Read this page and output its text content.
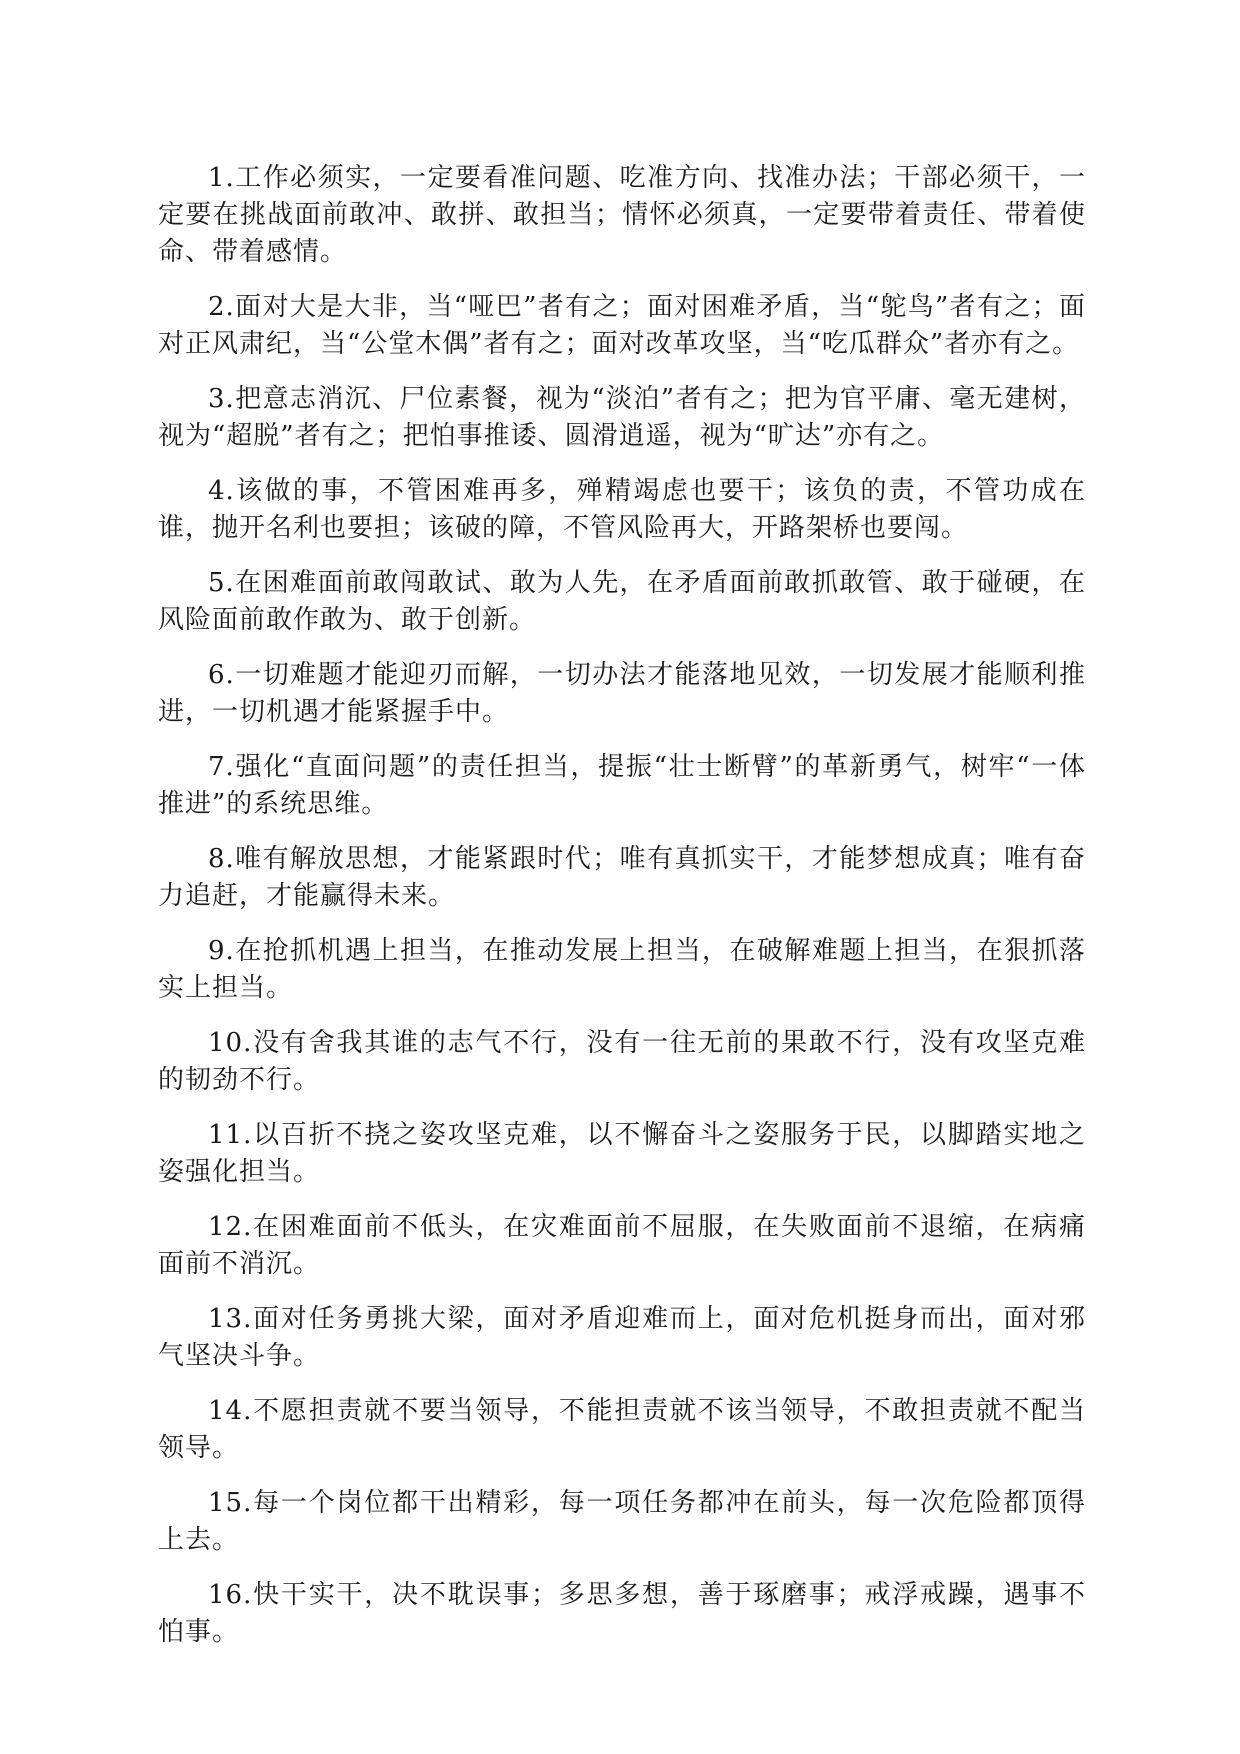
1.工作必须实，一定要看准问题、吃准方向、找准办法；干部必须干，一定要在挑战面前敢冲、敢拼、敢担当；情怀必须真，一定要带着责任、带着使命、带着感情。

2.面对大是大非，当“哑巴”者有之；面对困难矛盾，当“鸵鸟”者有之；面对正风肃纪，当“公堂木偶”者有之；面对改革攻坚，当“吃瓜群众”者亦有之。

3.把意志消沉、尸位素餐，视为“淡泊”者有之；把为官平庸、毫无建树，视为“超脱”者有之；把怕事推诿、圆滑逍遥，视为“旷达”亦有之。

4.该做的事，不管困难再多，殚精竭虑也要干；该负的责，不管功成在谁，抛开名利也要担；该破的障，不管风险再大，开路架桥也要闯。

5.在困难面前敢闯敢试、敢为人先，在矛盾面前敢抓敢管、敢于碰硬，在风险面前敢作敢为、敢于创新。

6.一切难题才能迎刃而解，一切办法才能落地见效，一切发展才能顺利推进，一切机遇才能紧握手中。

7.强化“直面问题”的责任担当，提振“壮士断臂”的革新勇气，树牢“一体推进”的系统思维。

8.唯有解放思想，才能紧跟时代；唯有真抓实干，才能梦想成真；唯有奋力追赶，才能赢得未来。

9.在抢抓机遇上担当，在推动发展上担当，在破解难题上担当，在狠抓落实上担当。

10.没有舍我其谁的志气不行，没有一往无前的果敢不行，没有攻坚克难的韧劲不行。

11.以百折不挠之姿攻坚克难，以不懈奋斗之姿服务于民，以脚踏实地之姿强化担当。

12.在困难面前不低头，在灾难面前不屈服，在失败面前不退缩，在病痛面前不消沉。

13.面对任务勇挑大梁，面对矛盾迎难而上，面对危机挺身而出，面对邪气坚决斗争。

14.不愿担责就不要当领导，不能担责就不该当领导，不敢担责就不配当领导。

15.每一个岗位都干出精彩，每一项任务都冲在前头，每一次危险都顶得上去。

16.快干实干，决不耽误事；多思多想，善于琢磨事；戒浮戒躁，遇事不怕事。
